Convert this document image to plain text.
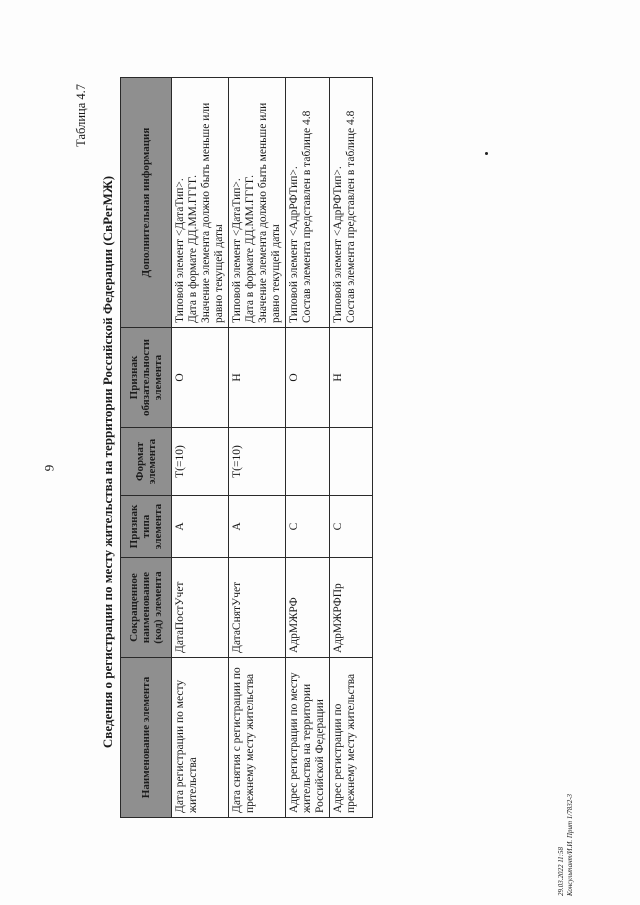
9
Таблица 4.7
Сведения о регистрации по месту жительства на территории Российской Федерации (СвРегМЖ) Наименование элемента	Сокращенное наименование (код) элемента	Признак типа элемента	Формат элемента	Признак обязательности элемента	Дополнительная информация
Дата регистрации по месту жительства	ДатаПостУчет	А	Т(=10)	О	Типовой элемент <ДатаТип>. Дата в формате ДД.ММ.ГГГГ. Значение элемента должно быть меньше или равно текущей даты

Дата снятия с регистрации по прежнему месту жительства	ДатаСнятУчет	А	Т(=10)	Н	Типовой элемент <ДатаТип>. Дата в формате ДД.ММ.ГГГГ. Значение элемента должно быть меньше или равно текущей даты

Адрес регистрации по месту жительства на территории Российской Федерации	АдрМЖРФ	С		О	Типовой элемент <АдрРФТип>. Состав элемента представлен в таблице 4.8

Адрес регистрации по прежнему месту жительства	АдрМЖРФПр	С		Н	Типовой элемент <АдрРФТип>. Состав элемента представлен в таблице 4.8
29.03.2022 11:58 Консультант/И.И. Прит 1/7832-3
